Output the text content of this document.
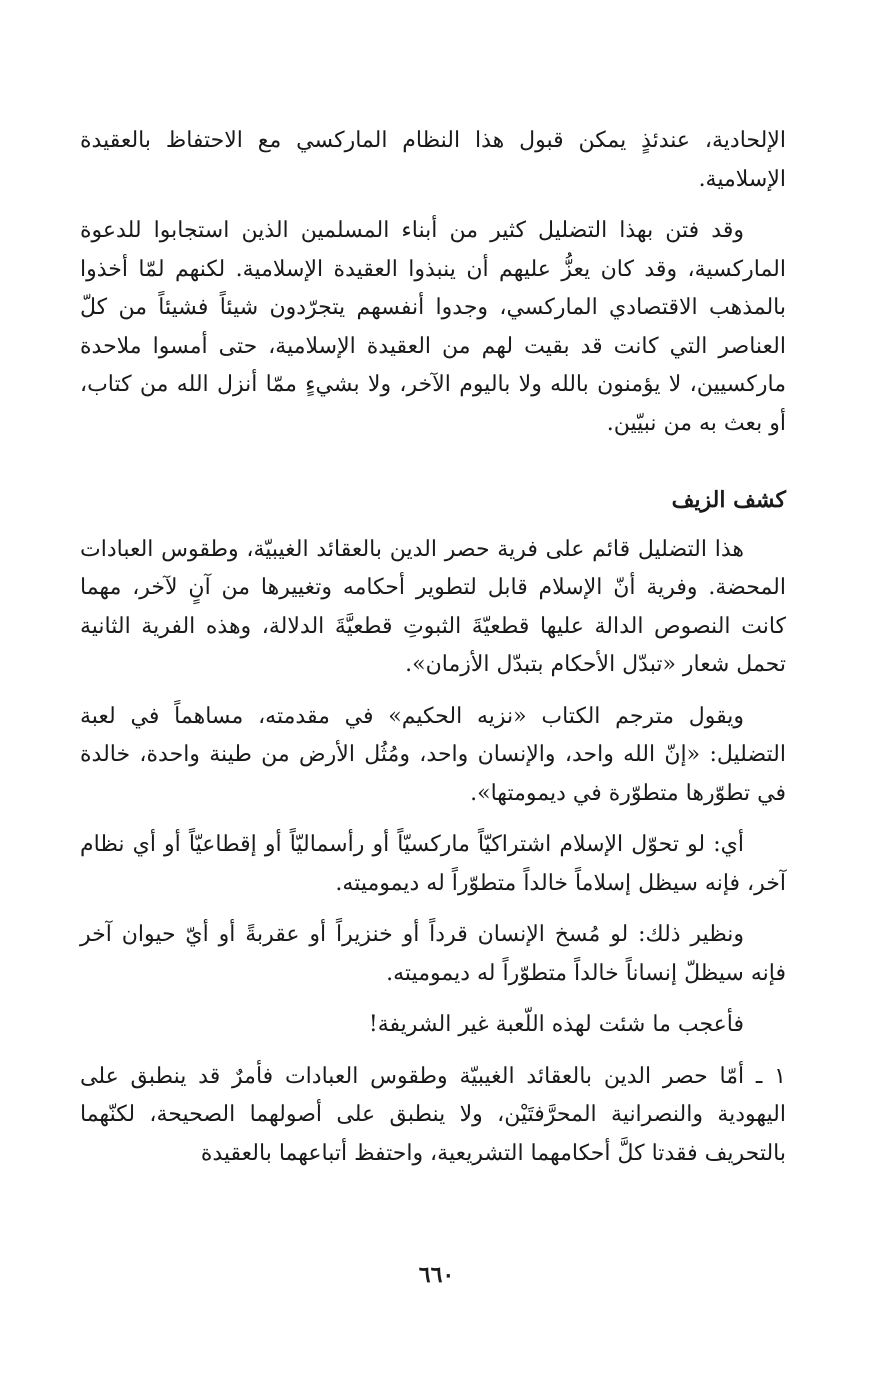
الإلحادية، عندئذٍ يمكن قبول هذا النظام الماركسي مع الاحتفاظ بالعقيدة الإسلامية.

وقد فتن بهذا التضليل كثير من أبناء المسلمين الذين استجابوا للدعوة الماركسية، وقد كان يعزُّ عليهم أن ينبذوا العقيدة الإسلامية. لكنهم لمّا أخذوا بالمذهب الاقتصادي الماركسي، وجدوا أنفسهم يتجرّدون شيئاً فشيئاً من كلّ العناصر التي كانت قد بقيت لهم من العقيدة الإسلامية، حتى أمسوا ملاحدة ماركسيين، لا يؤمنون بالله ولا باليوم الآخر، ولا بشيءٍ ممّا أنزل الله من كتاب، أو بعث به من نبيّين.

كشف الزيف

هذا التضليل قائم على فرية حصر الدين بالعقائد الغيبيّة، وطقوس العبادات المحضة. وفرية أنّ الإسلام قابل لتطوير أحكامه وتغييرها من آنٍ لآخر، مهما كانت النصوص الدالة عليها قطعيّةَ الثبوتِ قطعيَّةَ الدلالة، وهذه الفرية الثانية تحمل شعار «تبدّل الأحكام بتبدّل الأزمان».

ويقول مترجم الكتاب «نزيه الحكيم» في مقدمته، مساهماً في لعبة التضليل: «إنّ الله واحد، والإنسان واحد، ومُثُل الأرض من طينة واحدة، خالدة في تطوّرها متطوّرة في ديمومتها».

أي: لو تحوّل الإسلام اشتراكيّاً ماركسيّاً أو رأسماليّاً أو إقطاعيّاً أو أي نظام آخر، فإنه سيظل إسلاماً خالداً متطوّراً له ديموميته.

ونظير ذلك: لو مُسخ الإنسان قرداً أو خنزيراً أو عقربةً أو أيّ حيوان آخر فإنه سيظلّ إنساناً خالداً متطوّراً له ديموميته.

فأعجب ما شئت لهذه اللّعبة غير الشريفة!

١ ـ أمّا حصر الدين بالعقائد الغيبيّة وطقوس العبادات فأمرٌ قد ينطبق على اليهودية والنصرانية المحرَّفتَيْن، ولا ينطبق على أصولهما الصحيحة، لكنّهما بالتحريف فقدتا كلَّ أحكامهما التشريعية، واحتفظ أتباعهما بالعقيدة

٦٦٠
